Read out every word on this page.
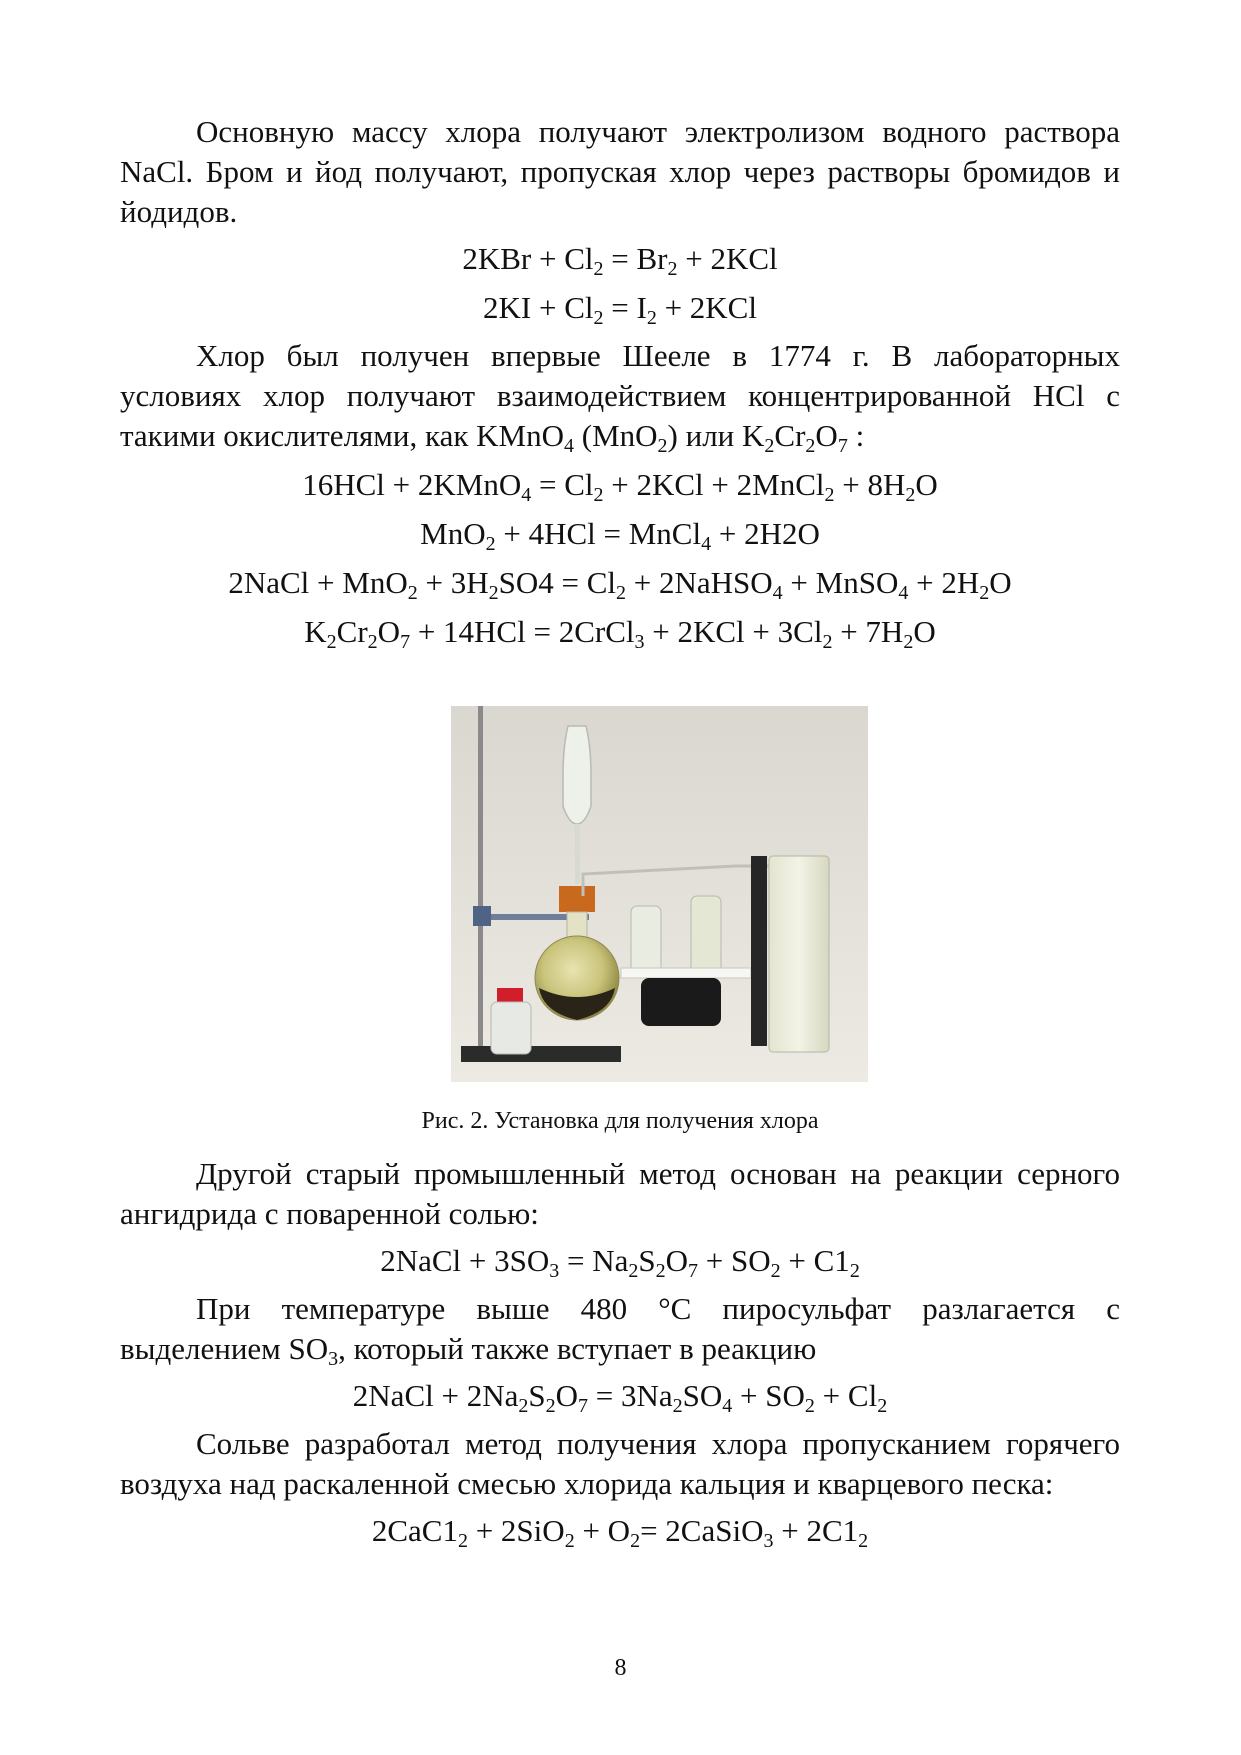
Основную массу хлора получают электролизом водного раствора NaCl. Бром и йод получают, пропуская хлор через растворы бромидов и йодидов.

$2KBr + Cl_2 = Br_2 + 2KCl$

$2KI + Cl_2 = I_2 + 2KCl$

Хлор был получен впервые Шееле в 1774 г. В лабораторных условиях хлор получают взаимодействием концентрированной HCl с такими окислителями, как KMnO$_4$ (MnO$_2$) или $K_2Cr_2O_7$ :

16HCl + 2KMnO$_4$ = $Cl_2 + 2KCl$ + 2MnCl$_2$ + $8H_2O$

MnO$_2$ + 4HCl = MnCl$_4$ + 2H2O

2NaCl + $MnO_2 + 3H_2SO4 = Cl_2$ + 2NaHSO$_4$ + MnSO$_4$ + $2H_2O$

$K_2Cr_2O_7 + 14HCl$ = 2CrCl$_3$ + $2KCl + 3Cl_2 + 7H_2O$

Рис. 2. Установка для получения хлора

Другой старый промышленный метод основан на реакции серного ангидрида с поваренной солью:

2NaCl + $3SO_3 = Na_2S_2O_7 + SO_2 + C1_2$

При температуре выше 480 °С пиросульфат разлагается с выделением $SO_3$, который также вступает в реакцию

2NaCl + $2Na_2S_2O_7 = 3Na_2SO_4 + SO_2 + Cl_2$

Сольве разработал метод получения хлора пропусканием горячего воздуха над раскаленной смесью хлорида кальция и кварцевого песка:

$2CaC1_2 + 2SiO_2 + O_2=$ 2CaSiO$_3$ + $2C1_2$

8
